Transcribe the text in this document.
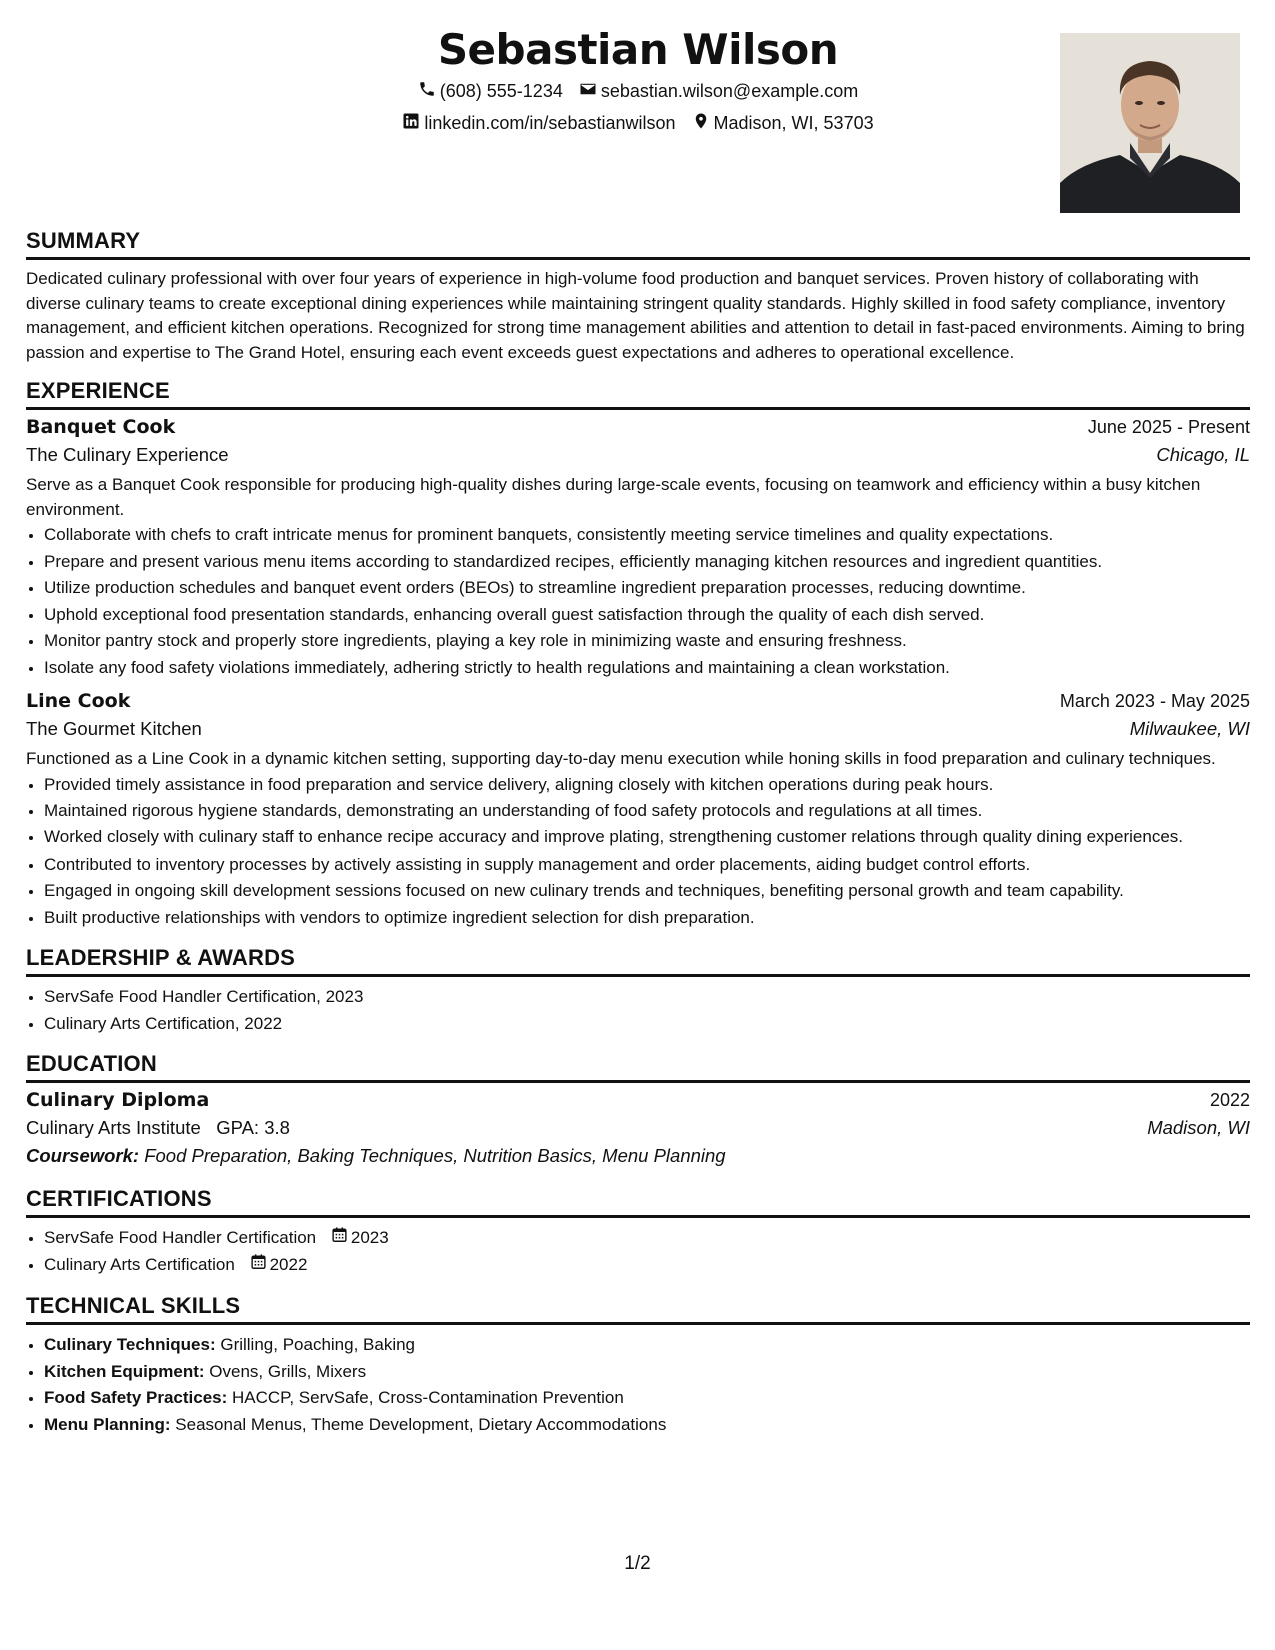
Sebastian Wilson
(608) 555-1234 sebastian.wilson@example.com
linkedin.com/in/sebastianwilson Madison, WI, 53703
SUMMARY

Dedicated culinary professional with over four years of experience in high-volume food production and banquet services. Proven history of collaborating with diverse culinary teams to create exceptional dining experiences while maintaining stringent quality standards. Highly skilled in food safety compliance, inventory management, and efficient kitchen operations. Recognized for strong time management abilities and attention to detail in fast-paced environments. Aiming to bring passion and expertise to The Grand Hotel, ensuring each event exceeds guest expectations and adheres to operational excellence.

EXPERIENCE
Banquet Cook	June 2025 - Present
The Culinary Experience	Chicago, IL

Serve as a Banquet Cook responsible for producing high-quality dishes during large-scale events, focusing on teamwork and efficiency within a busy kitchen environment.

• Collaborate with chefs to craft intricate menus for prominent banquets, consistently meeting service timelines and quality expectations.
• Prepare and present various menu items according to standardized recipes, efficiently managing kitchen resources and ingredient quantities.
• Utilize production schedules and banquet event orders (BEOs) to streamline ingredient preparation processes, reducing downtime.
• Uphold exceptional food presentation standards, enhancing overall guest satisfaction through the quality of each dish served.
• Monitor pantry stock and properly store ingredients, playing a key role in minimizing waste and ensuring freshness.
• Isolate any food safety violations immediately, adhering strictly to health regulations and maintaining a clean workstation.
Line Cook	March 2023 - May 2025
The Gourmet Kitchen	Milwaukee, WI

Functioned as a Line Cook in a dynamic kitchen setting, supporting day-to-day menu execution while honing skills in food preparation and culinary techniques.

• Provided timely assistance in food preparation and service delivery, aligning closely with kitchen operations during peak hours.
• Maintained rigorous hygiene standards, demonstrating an understanding of food safety protocols and regulations at all times.
• Worked closely with culinary staff to enhance recipe accuracy and improve plating, strengthening customer relations through quality dining experiences.
• Contributed to inventory processes by actively assisting in supply management and order placements, aiding budget control efforts.
• Engaged in ongoing skill development sessions focused on new culinary trends and techniques, benefiting personal growth and team capability.
• Built productive relationships with vendors to optimize ingredient selection for dish preparation.
LEADERSHIP & AWARDS
• ServSafe Food Handler Certification, 2023
• Culinary Arts Certification, 2022
EDUCATION
Culinary Diploma	2022
Culinary Arts Institute GPA: 3.8	Madison, WI
Coursework: Food Preparation, Baking Techniques, Nutrition Basics, Menu Planning
CERTIFICATIONS
• ServSafe Food Handler Certification 2023
• Culinary Arts Certification 2022
TECHNICAL SKILLS
• Culinary Techniques: Grilling, Poaching, Baking
• Kitchen Equipment: Ovens, Grills, Mixers
• Food Safety Practices: HACCP, ServSafe, Cross-Contamination Prevention
• Menu Planning: Seasonal Menus, Theme Development, Dietary Accommodations
1/2
